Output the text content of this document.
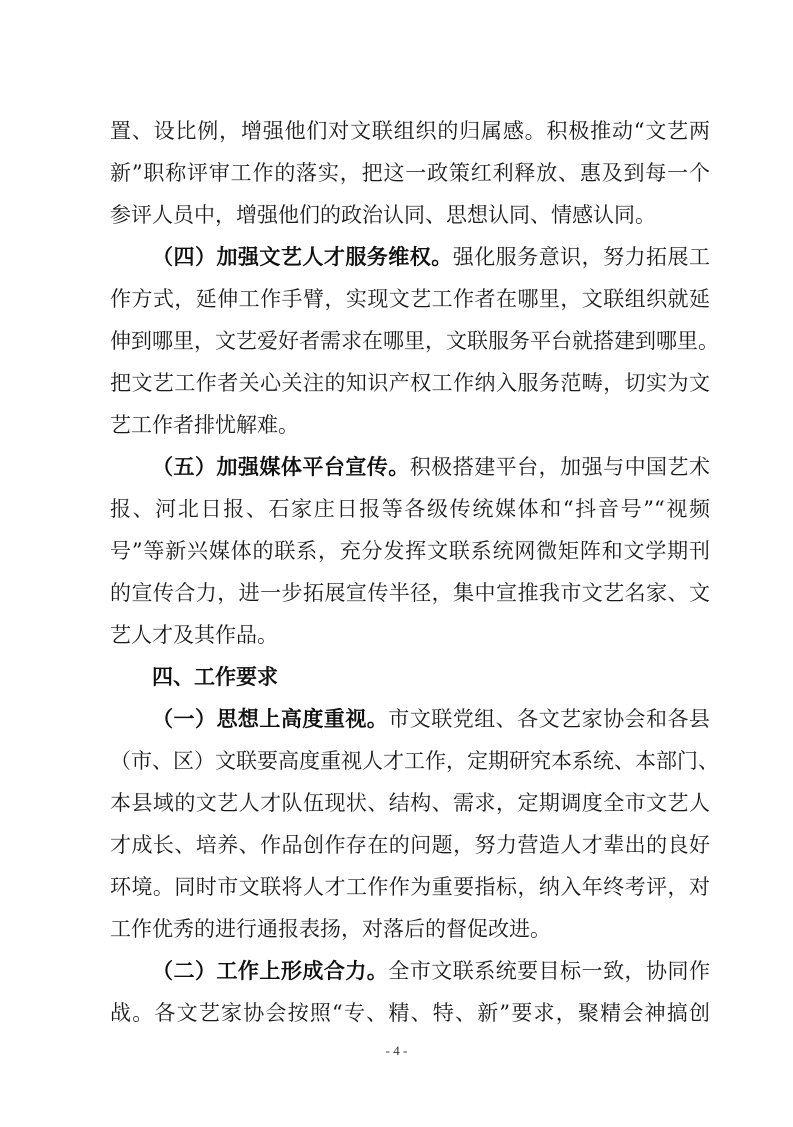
置、设比例，增强他们对文联组织的归属感。积极推动“文艺两
新”职称评审工作的落实，把这一政策红利释放、惠及到每一个
参评人员中，增强他们的政治认同、思想认同、情感认同。
（四）加强文艺人才服务维权。强化服务意识，努力拓展工
作方式，延伸工作手臂，实现文艺工作者在哪里，文联组织就延
伸到哪里，文艺爱好者需求在哪里，文联服务平台就搭建到哪里。
把文艺工作者关心关注的知识产权工作纳入服务范畴，切实为文
艺工作者排忧解难。
（五）加强媒体平台宣传。积极搭建平台，加强与中国艺术
报、河北日报、石家庄日报等各级传统媒体和“抖音号”“视频
号”等新兴媒体的联系，充分发挥文联系统网微矩阵和文学期刊
的宣传合力，进一步拓展宣传半径，集中宣推我市文艺名家、文
艺人才及其作品。
四、工作要求
（一）思想上高度重视。市文联党组、各文艺家协会和各县
（市、区）文联要高度重视人才工作，定期研究本系统、本部门、
本县域的文艺人才队伍现状、结构、需求，定期调度全市文艺人
才成长、培养、作品创作存在的问题，努力营造人才辈出的良好
环境。同时市文联将人才工作作为重要指标，纳入年终考评，对
工作优秀的进行通报表扬，对落后的督促改进。
（二）工作上形成合力。全市文联系统要目标一致，协同作
战。各文艺家协会按照“专、精、特、新”要求，聚精会神搞创
- 4 -
